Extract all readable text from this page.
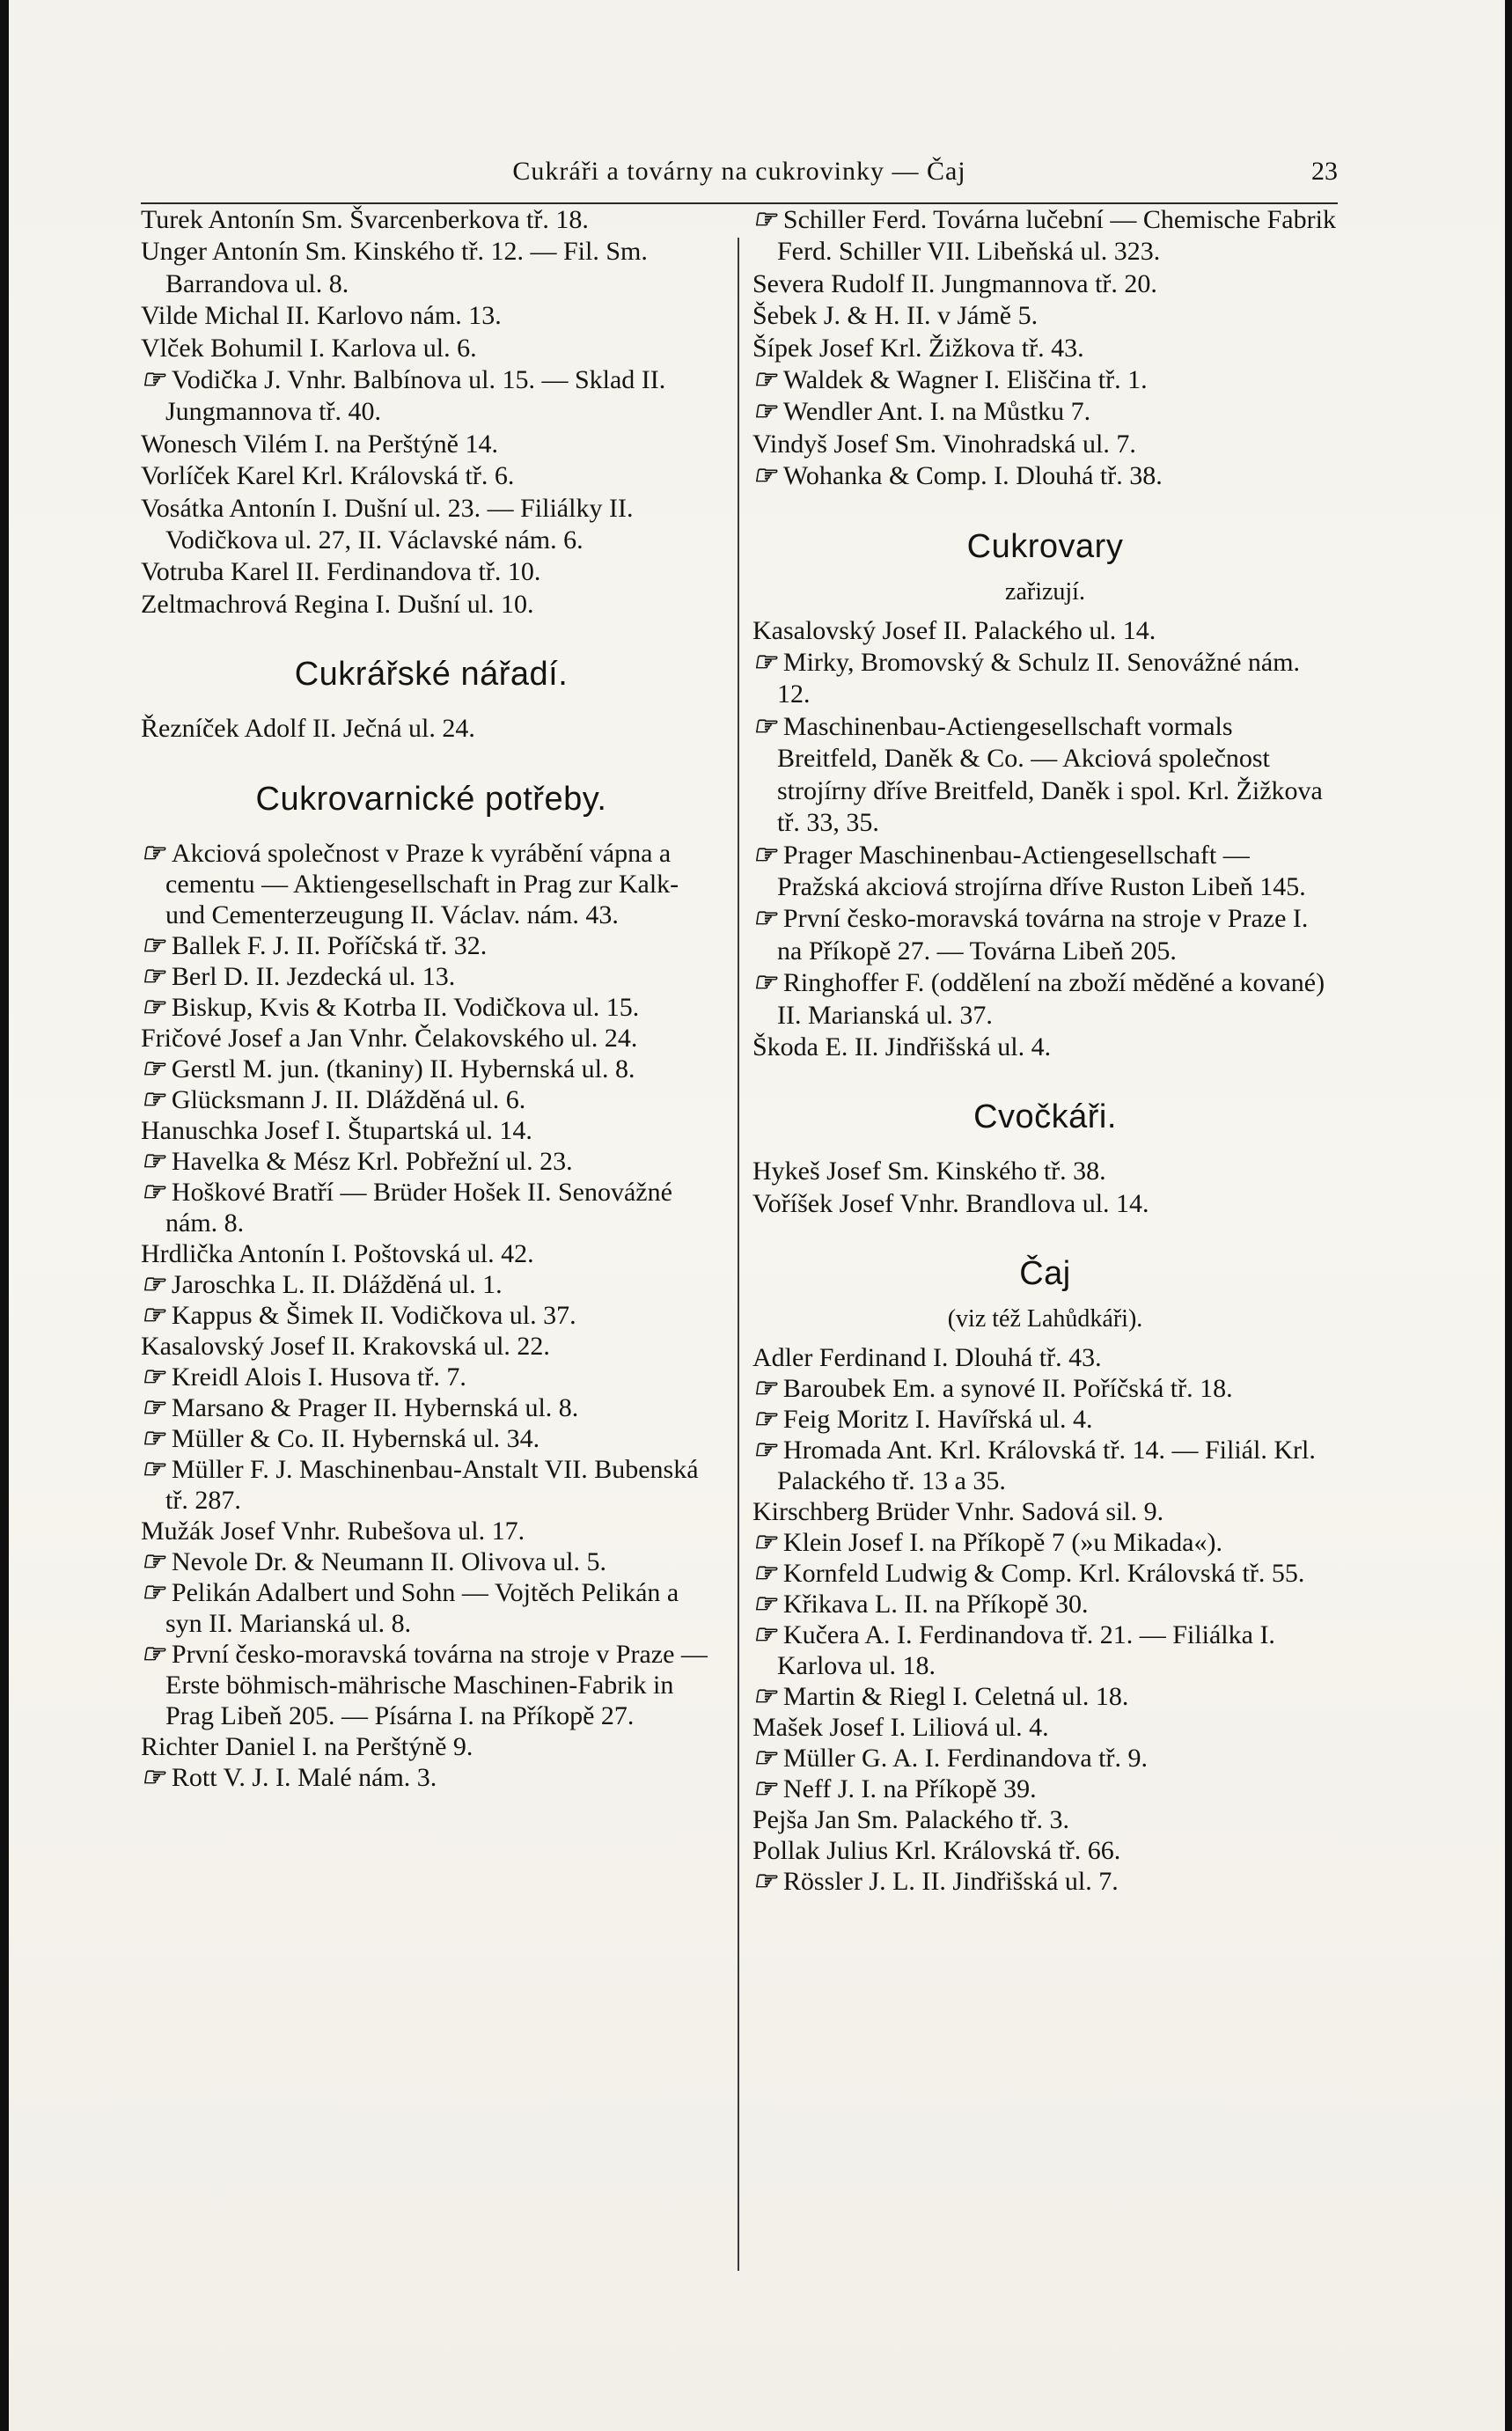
Cukráři a továrny na cukrovinky — Čaj	23
Turek Antonín Sm. Švarcenberkova tř. 18.
Unger Antonín Sm. Kinského tř. 12. — Fil. Sm. Barrandova ul. 8.
Vilde Michal II. Karlovo nám. 13.
Vlček Bohumil I. Karlova ul. 6.
☞ Vodička J. Vnhr. Balbínova ul. 15. — Sklad II. Jungmannova tř. 40.
Wonesch Vilém I. na Perštýně 14.
Vorlíček Karel Krl. Královská tř. 6.
Vosátka Antonín I. Dušní ul. 23. — Filiálky II. Vodičkova ul. 27, II. Václavské nám. 6.
Votruba Karel II. Ferdinandova tř. 10.
Zeltmachrová Regina I. Dušní ul. 10.
Cukrářské nářadí.
Řezníček Adolf II. Ječná ul. 24.
Cukrovarnické potřeby.
☞ Akciová společnost v Praze k vyrábění vápna a cementu — Aktiengesellschaft in Prag zur Kalk- und Cementerzeugung II. Václav. nám. 43.
☞ Ballek F. J. II. Poříčská tř. 32.
☞ Berl D. II. Jezdecká ul. 13.
☞ Biskup, Kvis & Kotrba II. Vodičkova ul. 15.
Fričové Josef a Jan Vnhr. Čelakovského ul. 24.
☞ Gerstl M. jun. (tkaniny) II. Hybernská ul. 8.
☞ Glücksmann J. II. Dlážděná ul. 6.
Hanuschka Josef I. Štupartská ul. 14.
☞ Havelka & Mész Krl. Pobřežní ul. 23.
☞ Hoškové Bratří — Brüder Hošek II. Senovážné nám. 8.
Hrdlička Antonín I. Poštovská ul. 42.
☞ Jaroschka L. II. Dlážděná ul. 1.
☞ Kappus & Šimek II. Vodičkova ul. 37.
Kasalovský Josef II. Krakovská ul. 22.
☞ Kreidl Alois I. Husova tř. 7.
☞ Marsano & Prager II. Hybernská ul. 8.
☞ Müller & Co. II. Hybernská ul. 34.
☞ Müller F. J. Maschinenbau-Anstalt VII. Bubenská tř. 287.
Mužák Josef Vnhr. Rubešova ul. 17.
☞ Nevole Dr. & Neumann II. Olivova ul. 5.
☞ Pelikán Adalbert und Sohn — Vojtěch Pelikán a syn II. Marianská ul. 8.
☞ První česko-moravská továrna na stroje v Praze — Erste böhmisch-mährische Maschinen-Fabrik in Prag Libeň 205. — Písárna I. na Příkopě 27.
Richter Daniel I. na Perštýně 9.
☞ Rott V. J. I. Malé nám. 3.
☞ Schiller Ferd. Továrna lučební — Chemische Fabrik Ferd. Schiller VII. Libeňská ul. 323.
Severa Rudolf II. Jungmannova tř. 20.
Šebek J. & H. II. v Jámě 5.
Šípek Josef Krl. Žižkova tř. 43.
☞ Waldek & Wagner I. Eliščina tř. 1.
☞ Wendler Ant. I. na Můstku 7.
Vindyš Josef Sm. Vinohradská ul. 7.
☞ Wohanka & Comp. I. Dlouhá tř. 38.
Cukrovary
zařizují.
Kasalovský Josef II. Palackého ul. 14.
☞ Mirky, Bromovský & Schulz II. Senovážné nám. 12.
☞ Maschinenbau-Actiengesellschaft vormals Breitfeld, Daněk & Co. — Akciová společnost strojírny dříve Breitfeld, Daněk i spol. Krl. Žižkova tř. 33, 35.
☞ Prager Maschinenbau-Actiengesellschaft — Pražská akciová strojírna dříve Ruston Libeň 145.
☞ První česko-moravská továrna na stroje v Praze I. na Příkopě 27. — Továrna Libeň 205.
☞ Ringhoffer F. (oddělení na zboží měděné a kované) II. Marianská ul. 37.
Škoda E. II. Jindřišská ul. 4.
Cvočkáři.
Hykeš Josef Sm. Kinského tř. 38.
Voříšek Josef Vnhr. Brandlova ul. 14.
Čaj
(viz též Lahůdkáři).
Adler Ferdinand I. Dlouhá tř. 43.
☞ Baroubek Em. a synové II. Poříčská tř. 18.
☞ Feig Moritz I. Havířská ul. 4.
☞ Hromada Ant. Krl. Královská tř. 14. — Filiál. Krl. Palackého tř. 13 a 35.
Kirschberg Brüder Vnhr. Sadová sil. 9.
☞ Klein Josef I. na Příkopě 7 (»u Mikada«).
☞ Kornfeld Ludwig & Comp. Krl. Královská tř. 55.
☞ Křikava L. II. na Příkopě 30.
☞ Kučera A. I. Ferdinandova tř. 21. — Filiálka I. Karlova ul. 18.
☞ Martin & Riegl I. Celetná ul. 18.
Mašek Josef I. Liliová ul. 4.
☞ Müller G. A. I. Ferdinandova tř. 9.
☞ Neff J. I. na Příkopě 39.
Pejša Jan Sm. Palackého tř. 3.
Pollak Julius Krl. Královská tř. 66.
☞ Rössler J. L. II. Jindřišská ul. 7.
